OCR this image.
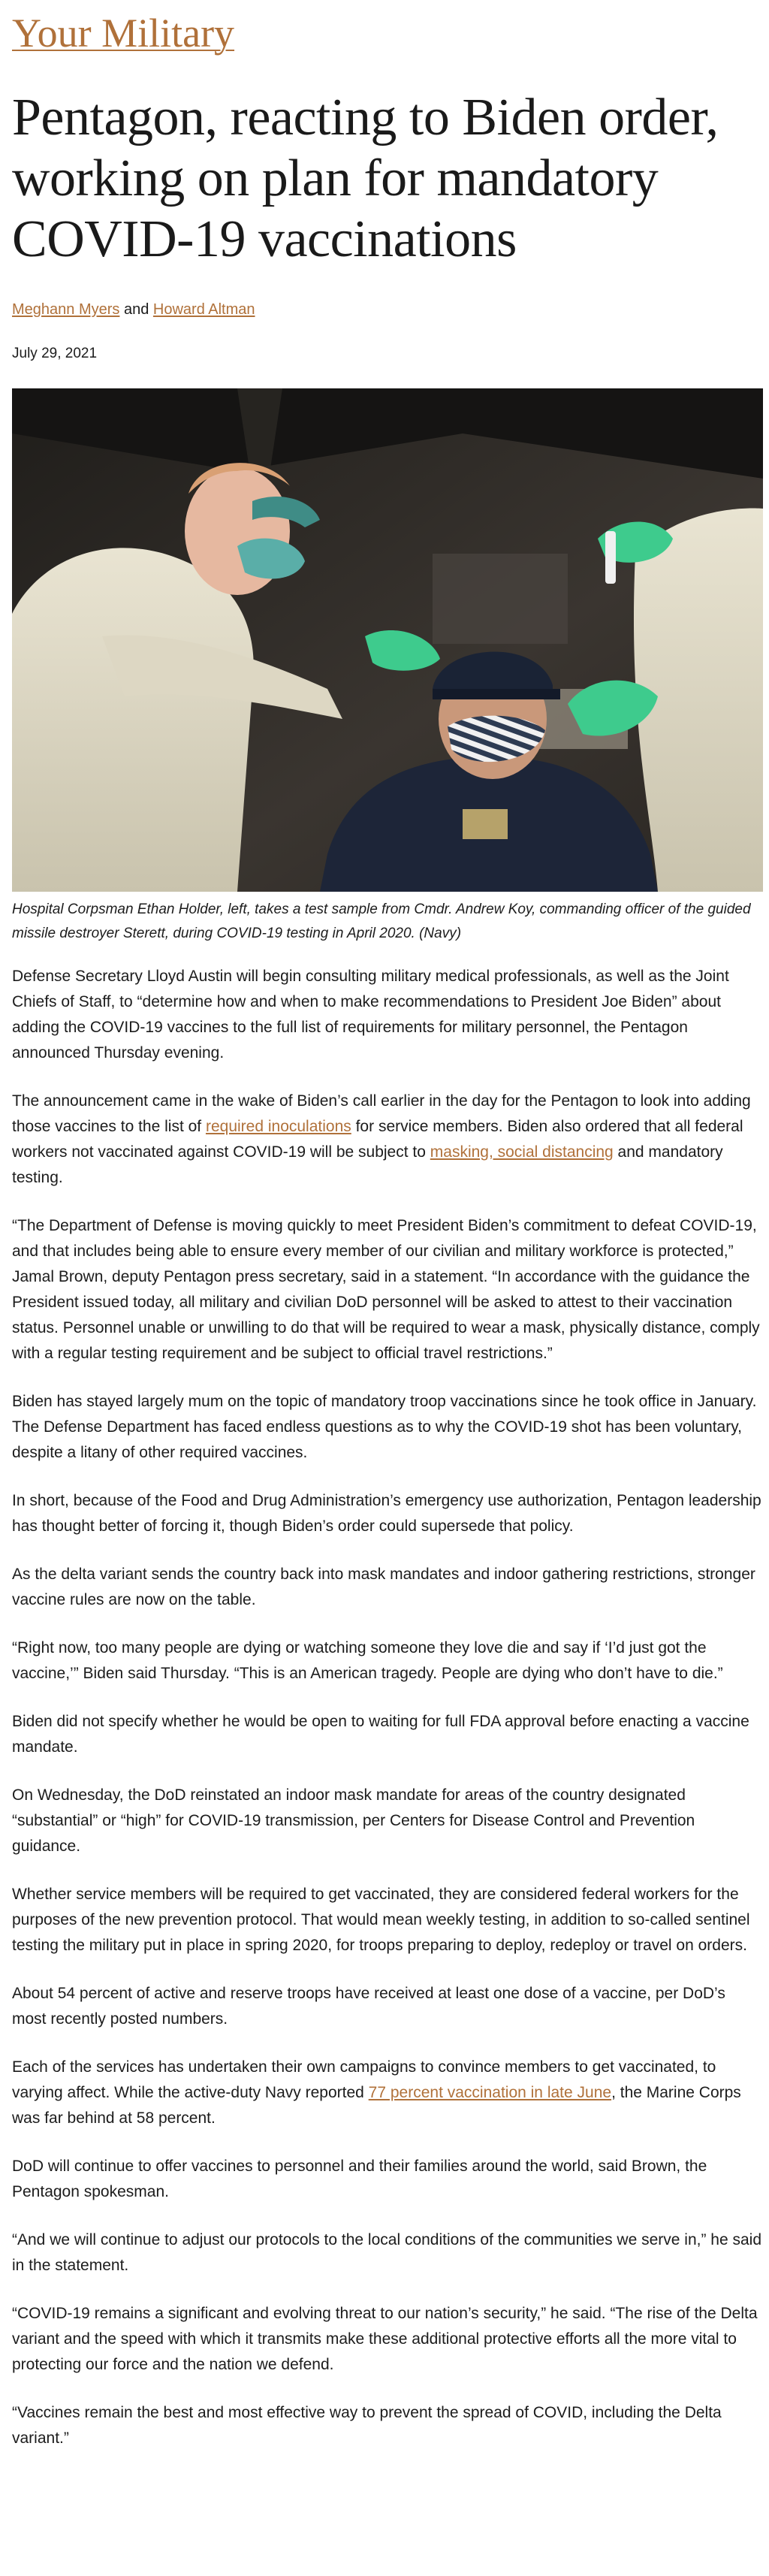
Your Military
Pentagon, reacting to Biden order, working on plan for mandatory COVID-19 vaccinations
Meghann Myers and Howard Altman
July 29, 2021
Hospital Corpsman Ethan Holder, left, takes a test sample from Cmdr. Andrew Koy, commanding officer of the guided missile destroyer Sterett, during COVID-19 testing in April 2020. (Navy)

Defense Secretary Lloyd Austin will begin consulting military medical professionals, as well as the Joint Chiefs of Staff, to “determine how and when to make recommendations to President Joe Biden” about adding the COVID-19 vaccines to the full list of requirements for military personnel, the Pentagon announced Thursday evening.

The announcement came in the wake of Biden’s call earlier in the day for the Pentagon to look into adding those vaccines to the list of required inoculations for service members. Biden also ordered that all federal workers not vaccinated against COVID-19 will be subject to masking, social distancing and mandatory testing.

“The Department of Defense is moving quickly to meet President Biden’s commitment to defeat COVID-19, and that includes being able to ensure every member of our civilian and military workforce is protected,” Jamal Brown, deputy Pentagon press secretary, said in a statement. “In accordance with the guidance the President issued today, all military and civilian DoD personnel will be asked to attest to their vaccination status. Personnel unable or unwilling to do that will be required to wear a mask, physically distance, comply with a regular testing requirement and be subject to official travel restrictions.”

Biden has stayed largely mum on the topic of mandatory troop vaccinations since he took office in January. The Defense Department has faced endless questions as to why the COVID-19 shot has been voluntary, despite a litany of other required vaccines.

In short, because of the Food and Drug Administration’s emergency use authorization, Pentagon leadership has thought better of forcing it, though Biden’s order could supersede that policy.

As the delta variant sends the country back into mask mandates and indoor gathering restrictions, stronger vaccine rules are now on the table.

“Right now, too many people are dying or watching someone they love die and say if ‘I’d just got the vaccine,’” Biden said Thursday. “This is an American tragedy. People are dying who don’t have to die.”

Biden did not specify whether he would be open to waiting for full FDA approval before enacting a vaccine mandate.

On Wednesday, the DoD reinstated an indoor mask mandate for areas of the country designated “substantial” or “high” for COVID-19 transmission, per Centers for Disease Control and Prevention guidance.

Whether service members will be required to get vaccinated, they are considered federal workers for the purposes of the new prevention protocol. That would mean weekly testing, in addition to so-called sentinel testing the military put in place in spring 2020, for troops preparing to deploy, redeploy or travel on orders.

About 54 percent of active and reserve troops have received at least one dose of a vaccine, per DoD’s most recently posted numbers.

Each of the services has undertaken their own campaigns to convince members to get vaccinated, to varying affect. While the active-duty Navy reported 77 percent vaccination in late June, the Marine Corps was far behind at 58 percent.

DoD will continue to offer vaccines to personnel and their families around the world, said Brown, the Pentagon spokesman.

“And we will continue to adjust our protocols to the local conditions of the communities we serve in,” he said in the statement.

“COVID-19 remains a significant and evolving threat to our nation’s security,” he said. “The rise of the Delta variant and the speed with which it transmits make these additional protective efforts all the more vital to protecting our force and the nation we defend.

“Vaccines remain the best and most effective way to prevent the spread of COVID, including the Delta variant.”
